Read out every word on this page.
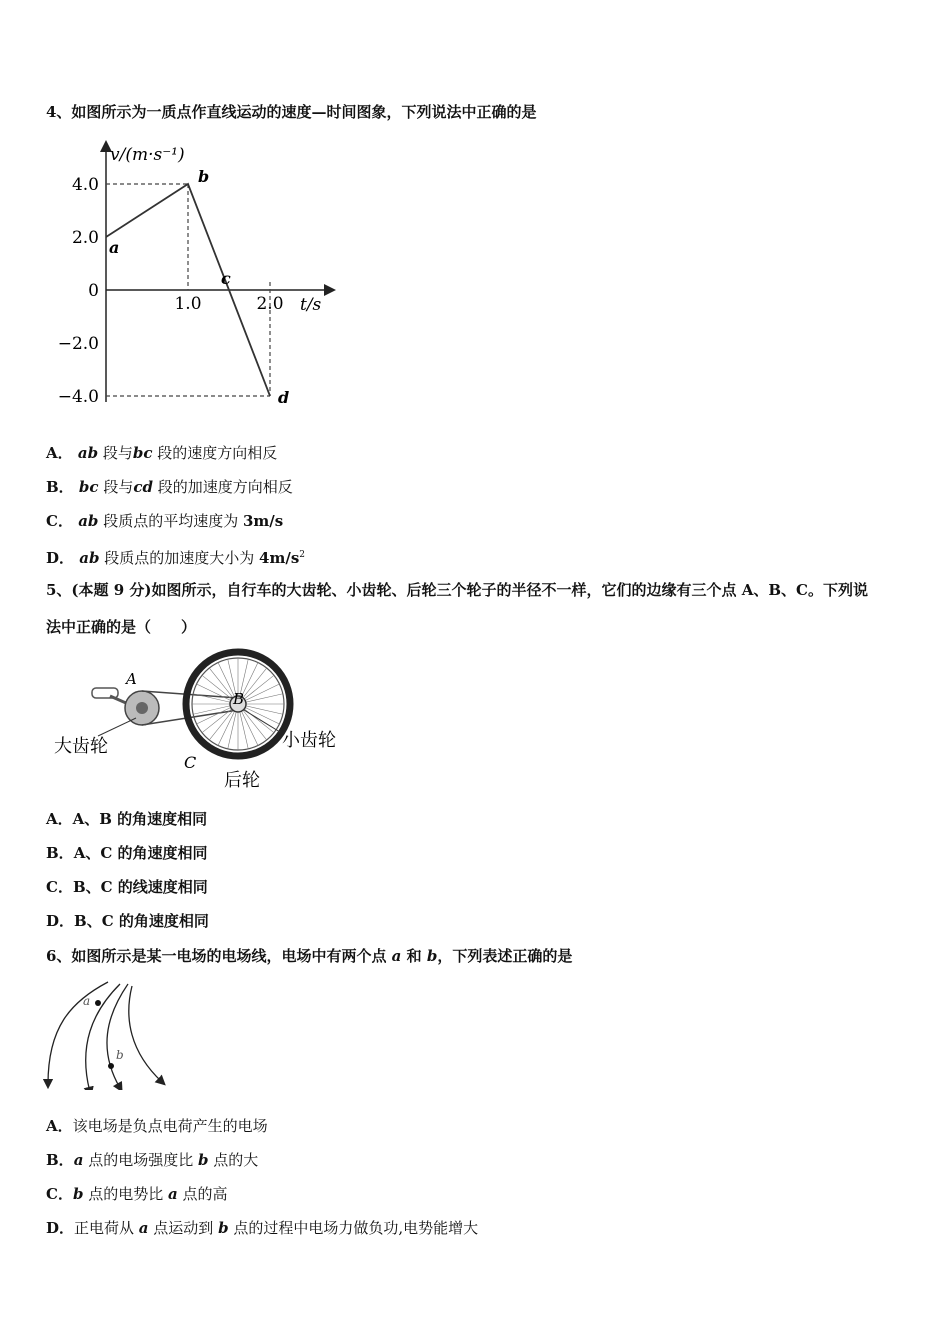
4、如图所示为一质点作直线运动的速度—时间图象，下列说法中正确的是
v/(m·s⁻¹)
t/s
4.0
2.0
0
−2.0
−4.0
1.0	2.0
a
b
c
d
A． ab 段与bc 段的速度方向相反
B． bc 段与cd 段的加速度方向相反
C． ab 段质点的平均速度为 3m/s
D． ab 段质点的加速度大小为 $4m/s^2$
5、(本题 9 分)如图所示，自行车的大齿轮、小齿轮、后轮三个轮子的半径不一样，它们的边缘有三个点 A、B、C。下列说
法中正确的是（　　）
A
B
C
大齿轮	小齿轮
后轮
A．A、B 的角速度相同
B．A、C 的角速度相同
C．B、C 的线速度相同
D．B、C 的角速度相同
6、如图所示是某一电场的电场线，电场中有两个点 a 和 b，下列表述正确的是
a
b
A．该电场是负点电荷产生的电场
B．a 点的电场强度比 b 点的大
C．b 点的电势比 a 点的高
D．正电荷从 a 点运动到 b 点的过程中电场力做负功,电势能增大
